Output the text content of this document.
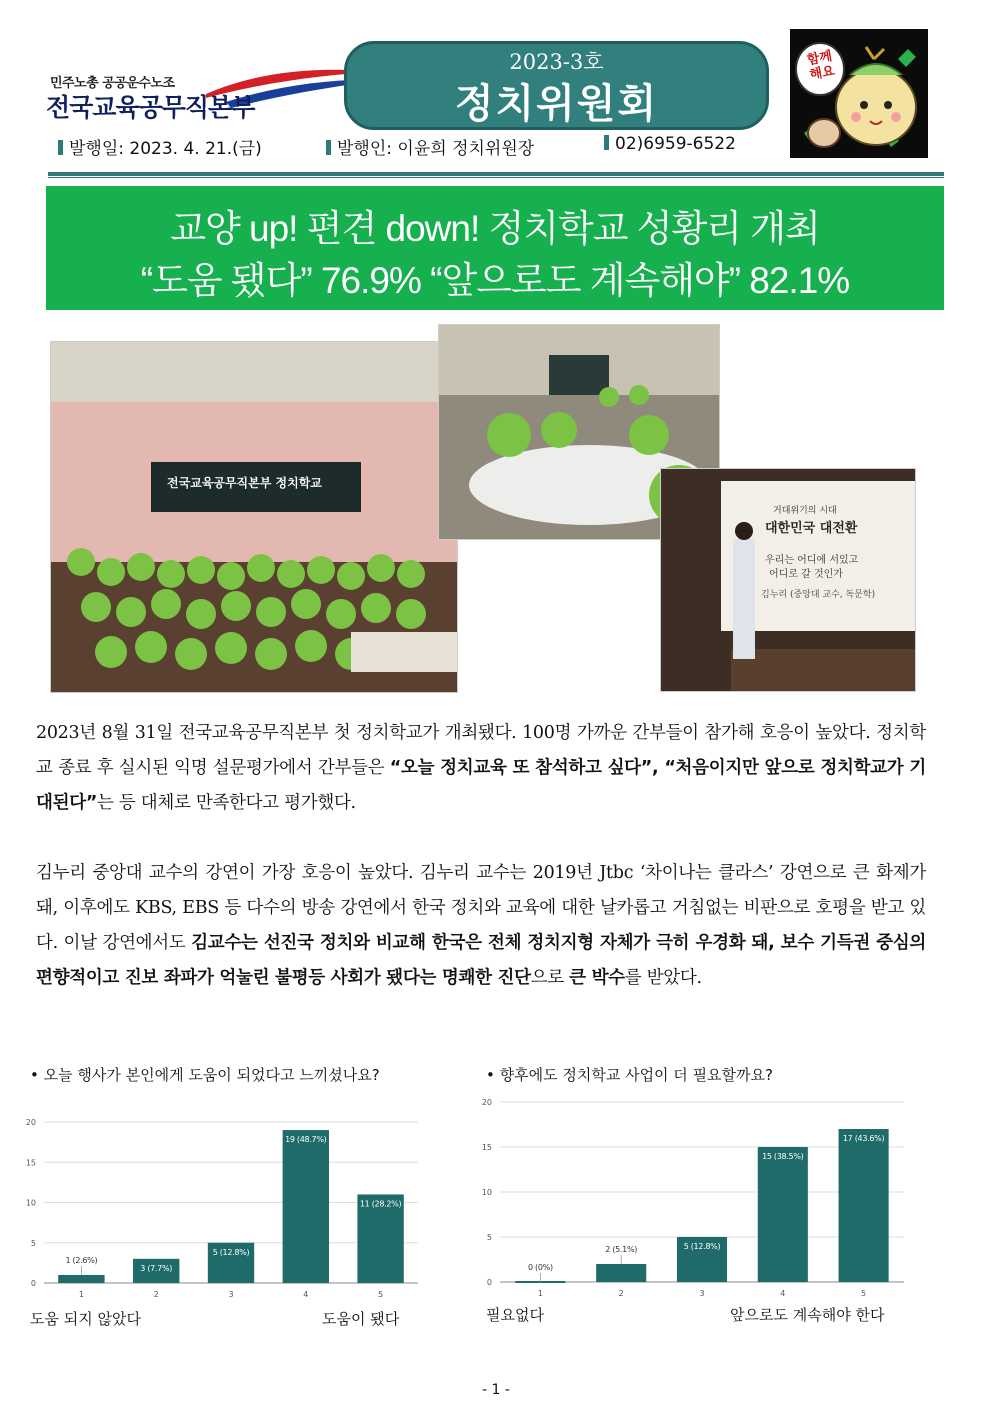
민주노총 공공운수노조
전국교육공무직본부
2023-3호
정치위원회
함께해요
발행일: 2023. 4. 21.(금)	발행인: 이윤희 정치위원장	02)6959-6522
교양 up! 편견 down! 정치학교 성황리 개최
“도움 됐다” 76.9% “앞으로도 계속해야” 82.1%
전국교육공무직본부 정치학교
거대위기의 시대
대한민국 대전환
우리는 어디에 서있고
어디로 갈 것인가
김누리 (중앙대 교수, 독문학)
2023년 8월 31일 전국교육공무직본부 첫 정치학교가 개최됐다. 100명 가까운 간부들이 참가해 호응이 높았다. 정치학교 종료 후 실시된 익명 설문평가에서 간부들은 “오늘 정치교육 또 참석하고 싶다”, “처음이지만 앞으로 정치학교가 기대된다”는 등 대체로 만족한다고 평가했다.
김누리 중앙대 교수의 강연이 가장 호응이 높았다. 김누리 교수는 2019년 Jtbc ‘차이나는 클라스’ 강연으로 큰 화제가 돼, 이후에도 KBS, EBS 등 다수의 방송 강연에서 한국 정치와 교육에 대한 날카롭고 거침없는 비판으로 호평을 받고 있다. 이날 강연에서도 김교수는 선진국 정치와 비교해 한국은 전체 정치지형 자체가 극히 우경화 돼, 보수 기득권 중심의 편향적이고 진보 좌파가 억눌린 불평등 사회가 됐다는 명쾌한 진단으로 큰 박수를 받았다.
• 오늘 행사가 본인에게 도움이 되었다고 느끼셨나요?
0
5
10
15
20
1 (2.6%)
1
3 (7.7%)
2
5 (12.8%)
3
19 (48.7%)
4
11 (28.2%)
5
도움 되지 않았다	도움이 됐다
• 향후에도 정치학교 사업이 더 필요할까요?
0
5
10
15
20
0 (0%)
1
2 (5.1%)
2
5 (12.8%)
3
15 (38.5%)
4
17 (43.6%)
5
필요없다	앞으로도 계속해야 한다
- 1 -
